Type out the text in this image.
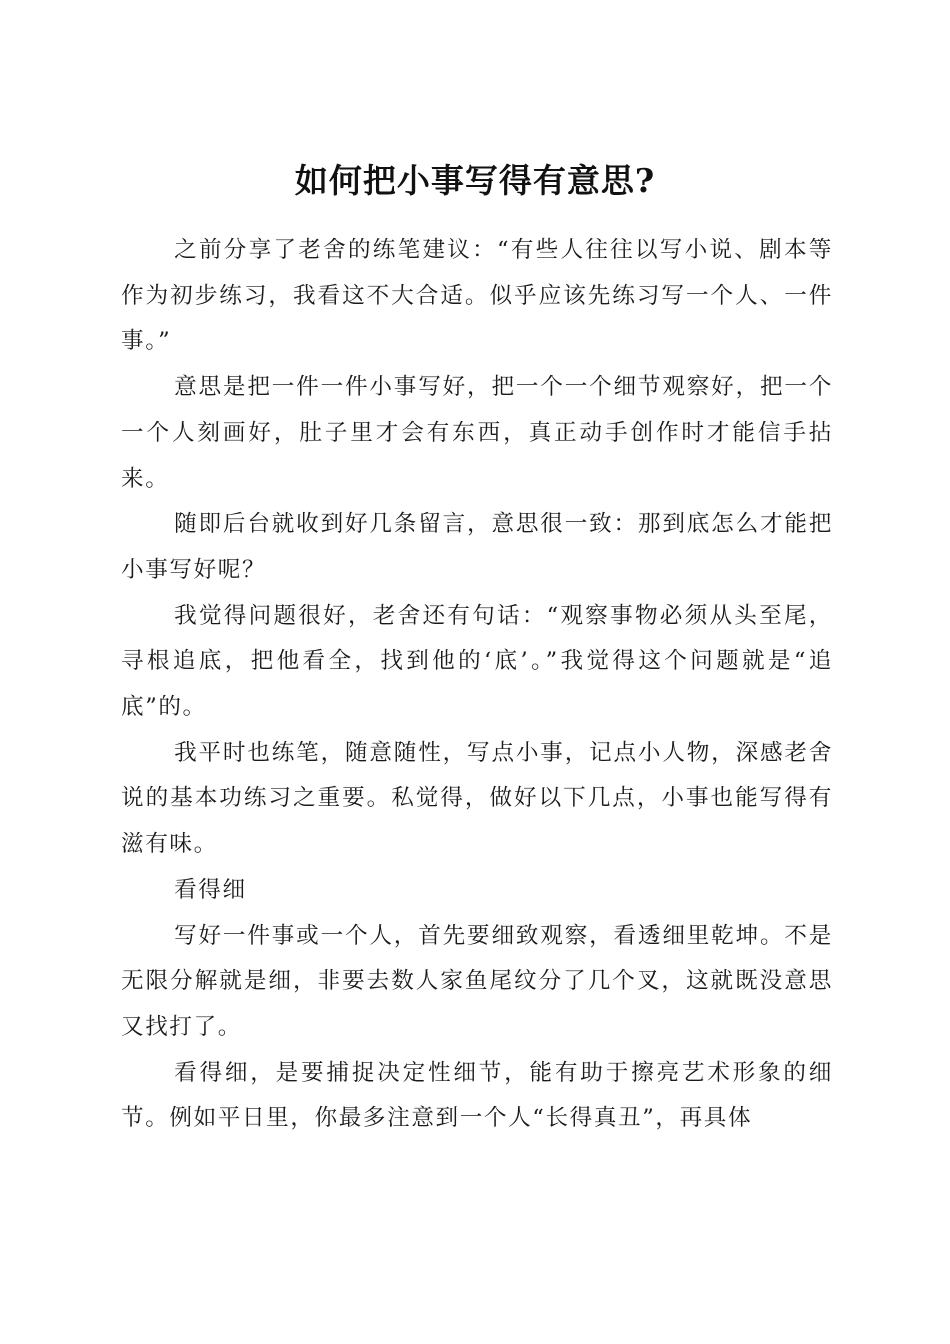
如何把小事写得有意思?

之前分享了老舍的练笔建议：“有些人往往以写小说、剧本等作为初步练习，我看这不大合适。似乎应该先练习写一个人、一件事。”

意思是把一件一件小事写好，把一个一个细节观察好，把一个一个人刻画好，肚子里才会有东西，真正动手创作时才能信手拈来。

随即后台就收到好几条留言，意思很一致：那到底怎么才能把小事写好呢？

我觉得问题很好，老舍还有句话：“观察事物必须从头至尾，寻根追底，把他看全，找到他的‘底’。”我觉得这个问题就是“追底”的。

我平时也练笔，随意随性，写点小事，记点小人物，深感老舍说的基本功练习之重要。私觉得，做好以下几点，小事也能写得有滋有味。

看得细

写好一件事或一个人，首先要细致观察，看透细里乾坤。不是无限分解就是细，非要去数人家鱼尾纹分了几个叉，这就既没意思又找打了。

看得细，是要捕捉决定性细节，能有助于擦亮艺术形象的细节。例如平日里，你最多注意到一个人“长得真丑”，再具体
